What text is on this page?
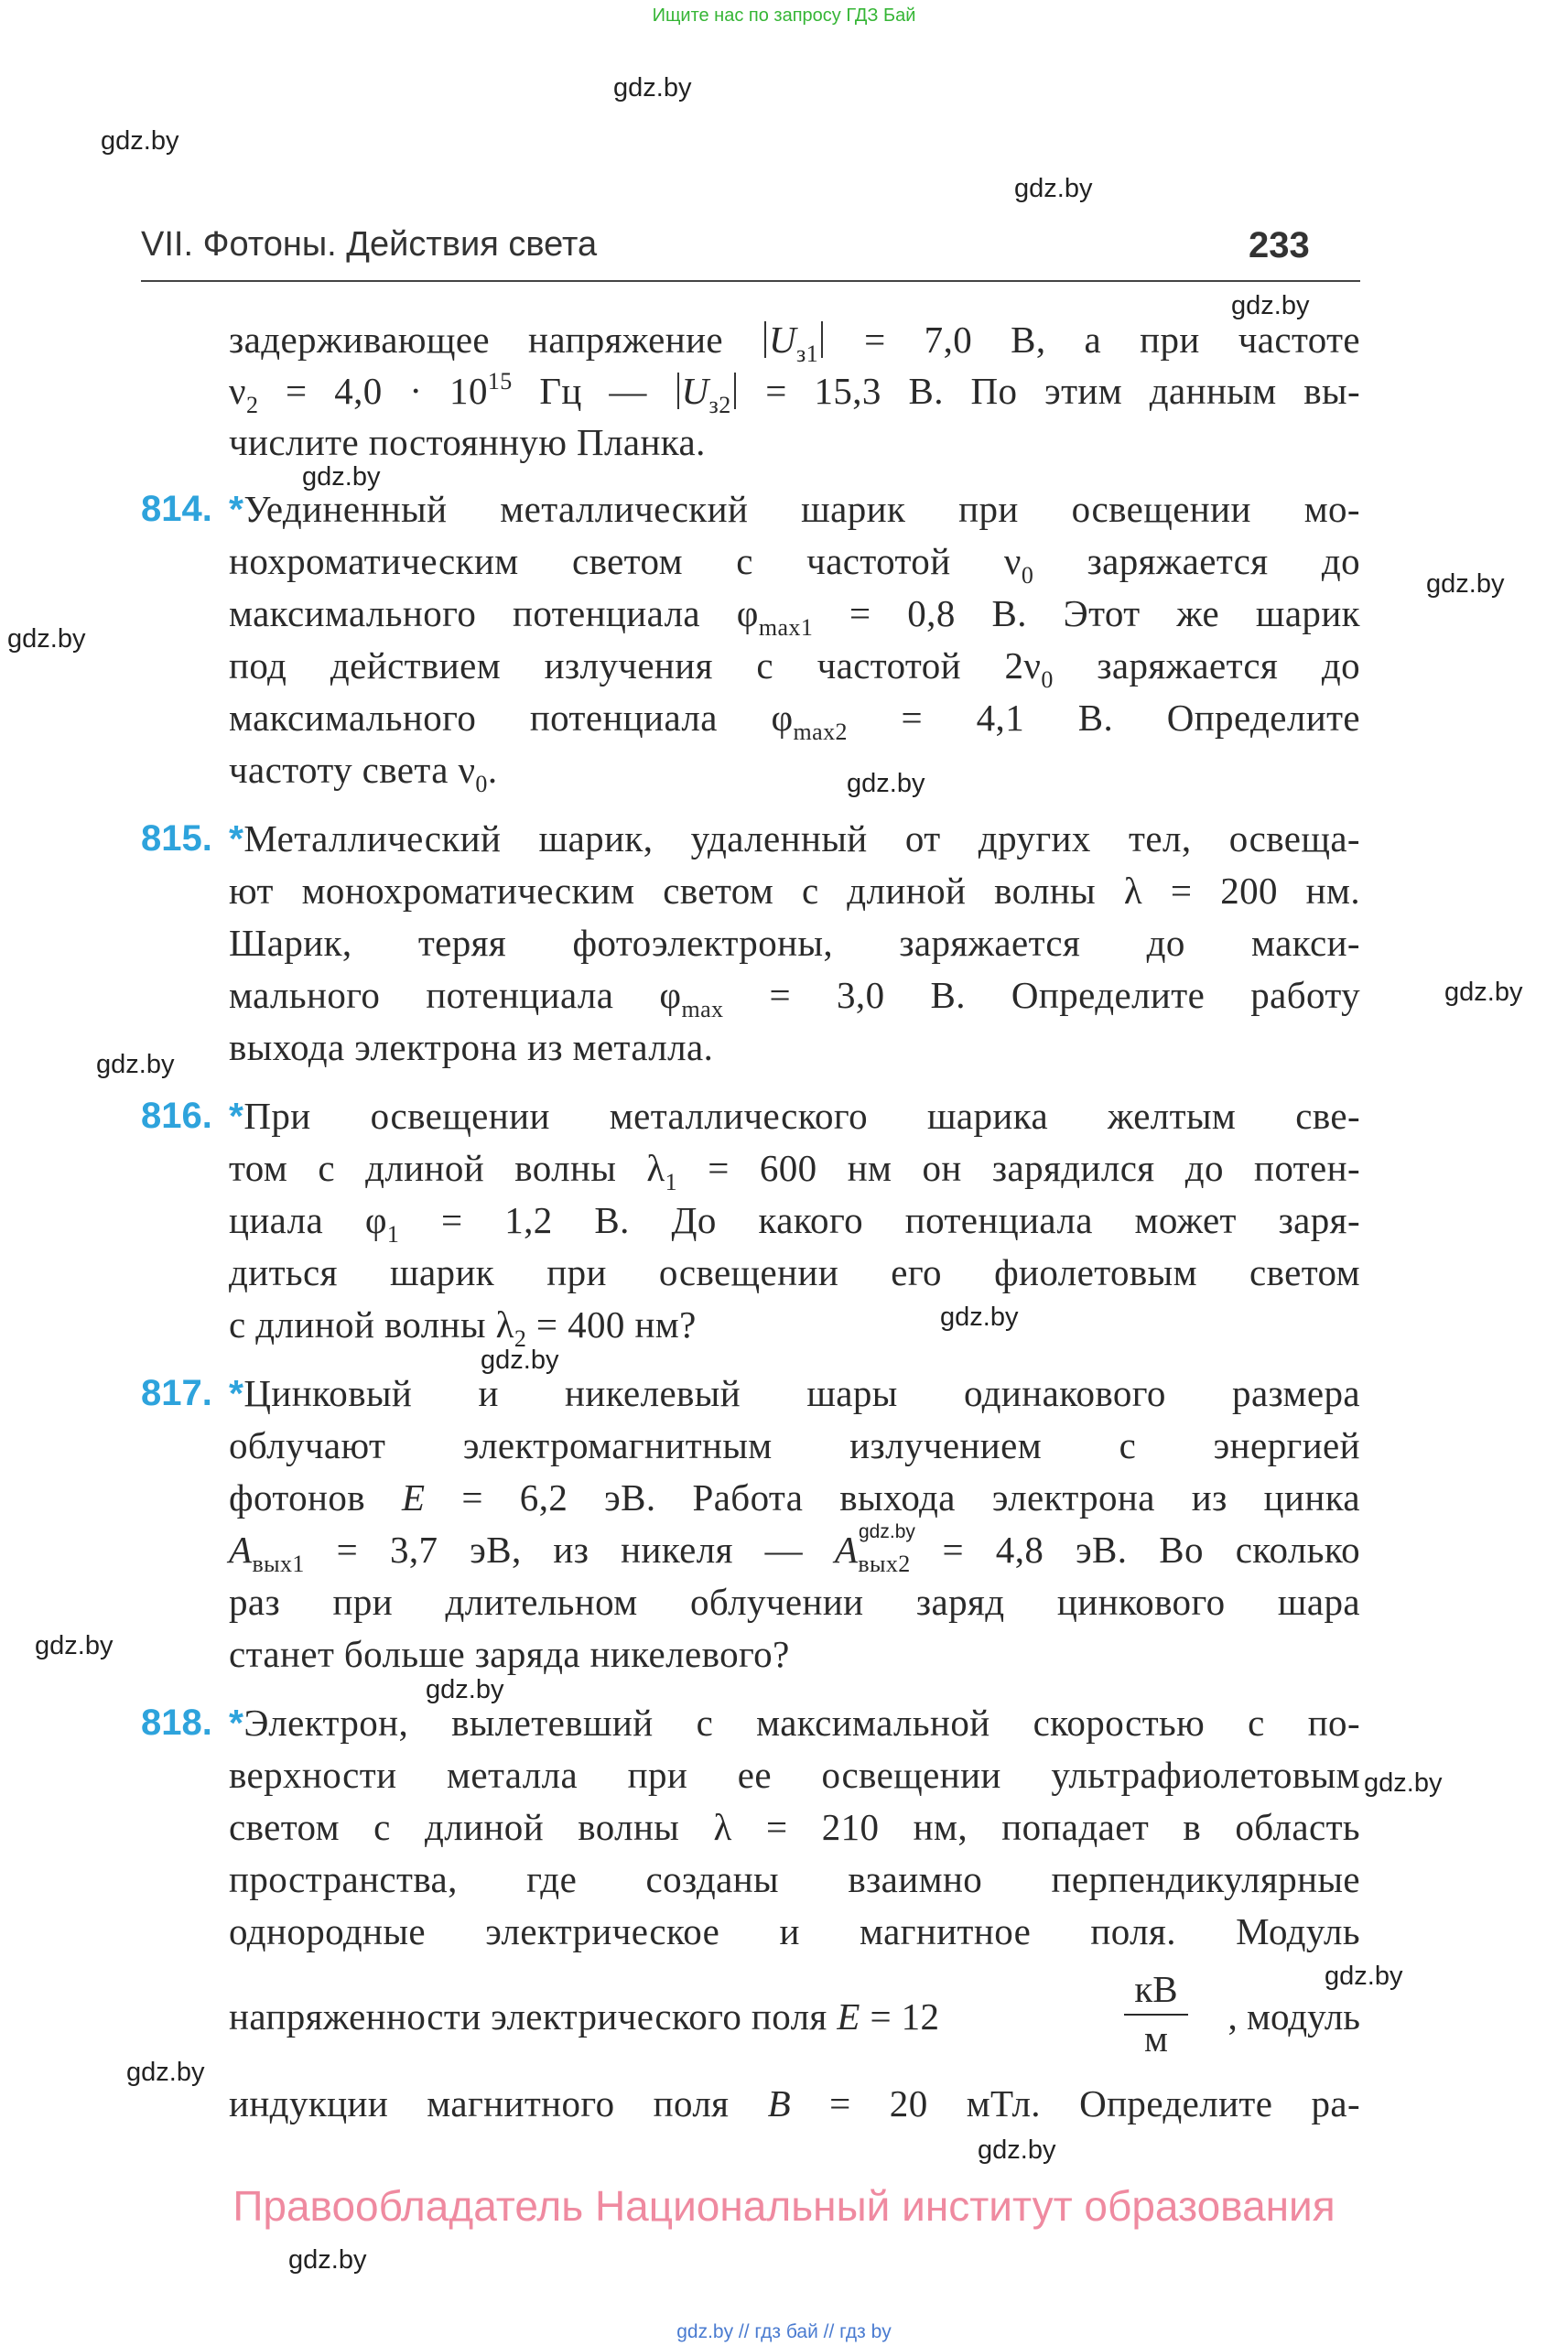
Ищите нас по запросу ГДЗ Бай
gdz.by
gdz.by
gdz.by
gdz.by
gdz.by
gdz.by
gdz.by
gdz.by
gdz.by
gdz.by
gdz.by
gdz.by
gdz.by
gdz.by
gdz.by
gdz.by
gdz.by
gdz.by
gdz.by
gdz.by
VII. Фотоны. Действия света	233
задерживающее напряжение $U_{з1} = 7,0$ В, а при частоте
$\nu_2 = 4,0 \cdot 10^{15}$ Гц — $U_{з2} = 15,3$ В. По этим данным вы-
числите постоянную Планка.
814. *Уединенный металлический шарик при освещении мо-
нохроматическим светом с частотой $\nu_0$ заряжается до
максимального потенциала $\varphi_{max1} = 0,8$ В. Этот же шарик
под действием излучения с частотой $2\nu_0$ заряжается до
максимального потенциала $\varphi_{max2} = 4,1$ В. Определите
частоту света $\nu_0$.
815. *Металлический шарик, удаленный от других тел, освеща-
ют монохроматическим светом с длиной волны λ = 200 нм.
Шарик, теряя фотоэлектроны, заряжается до макси-
мального потенциала $\varphi_{max} = 3,0$ В. Определите работу
выхода электрона из металла.
816. *При освещении металлического шарика желтым све-
том с длиной волны $\lambda_1 = 600$ нм он зарядился до потен-
циала $\varphi_1 = 1,2$ В. До какого потенциала может заря-
диться шарик при освещении его фиолетовым светом
с длиной волны $\lambda_2 = 400$ нм?
817. *Цинковый и никелевый шары одинакового размера
облучают электромагнитным излучением с энергией
фотонов E = 6,2 эВ. Работа выхода электрона из цинка
$A_{вых1} = 3,7$ эВ, из никеля — $A_{вых2} = 4,8$ эВ. Во сколько
раз при длительном облучении заряд цинкового шара
станет больше заряда никелевого?
818. *Электрон, вылетевший с максимальной скоростью с по-
верхности металла при ее освещении ультрафиолетовым
светом с длиной волны λ = 210 нм, попадает в область
пространства, где созданы взаимно перпендикулярные
однородные электрическое и магнитное поля. Модуль
напряженности электрического поля E = 12
кВ
м
, модуль
индукции магнитного поля B = 20 мТл. Определите ра-
Правообладатель Национальный институт образования
gdz.by // гдз бай // гдз by
